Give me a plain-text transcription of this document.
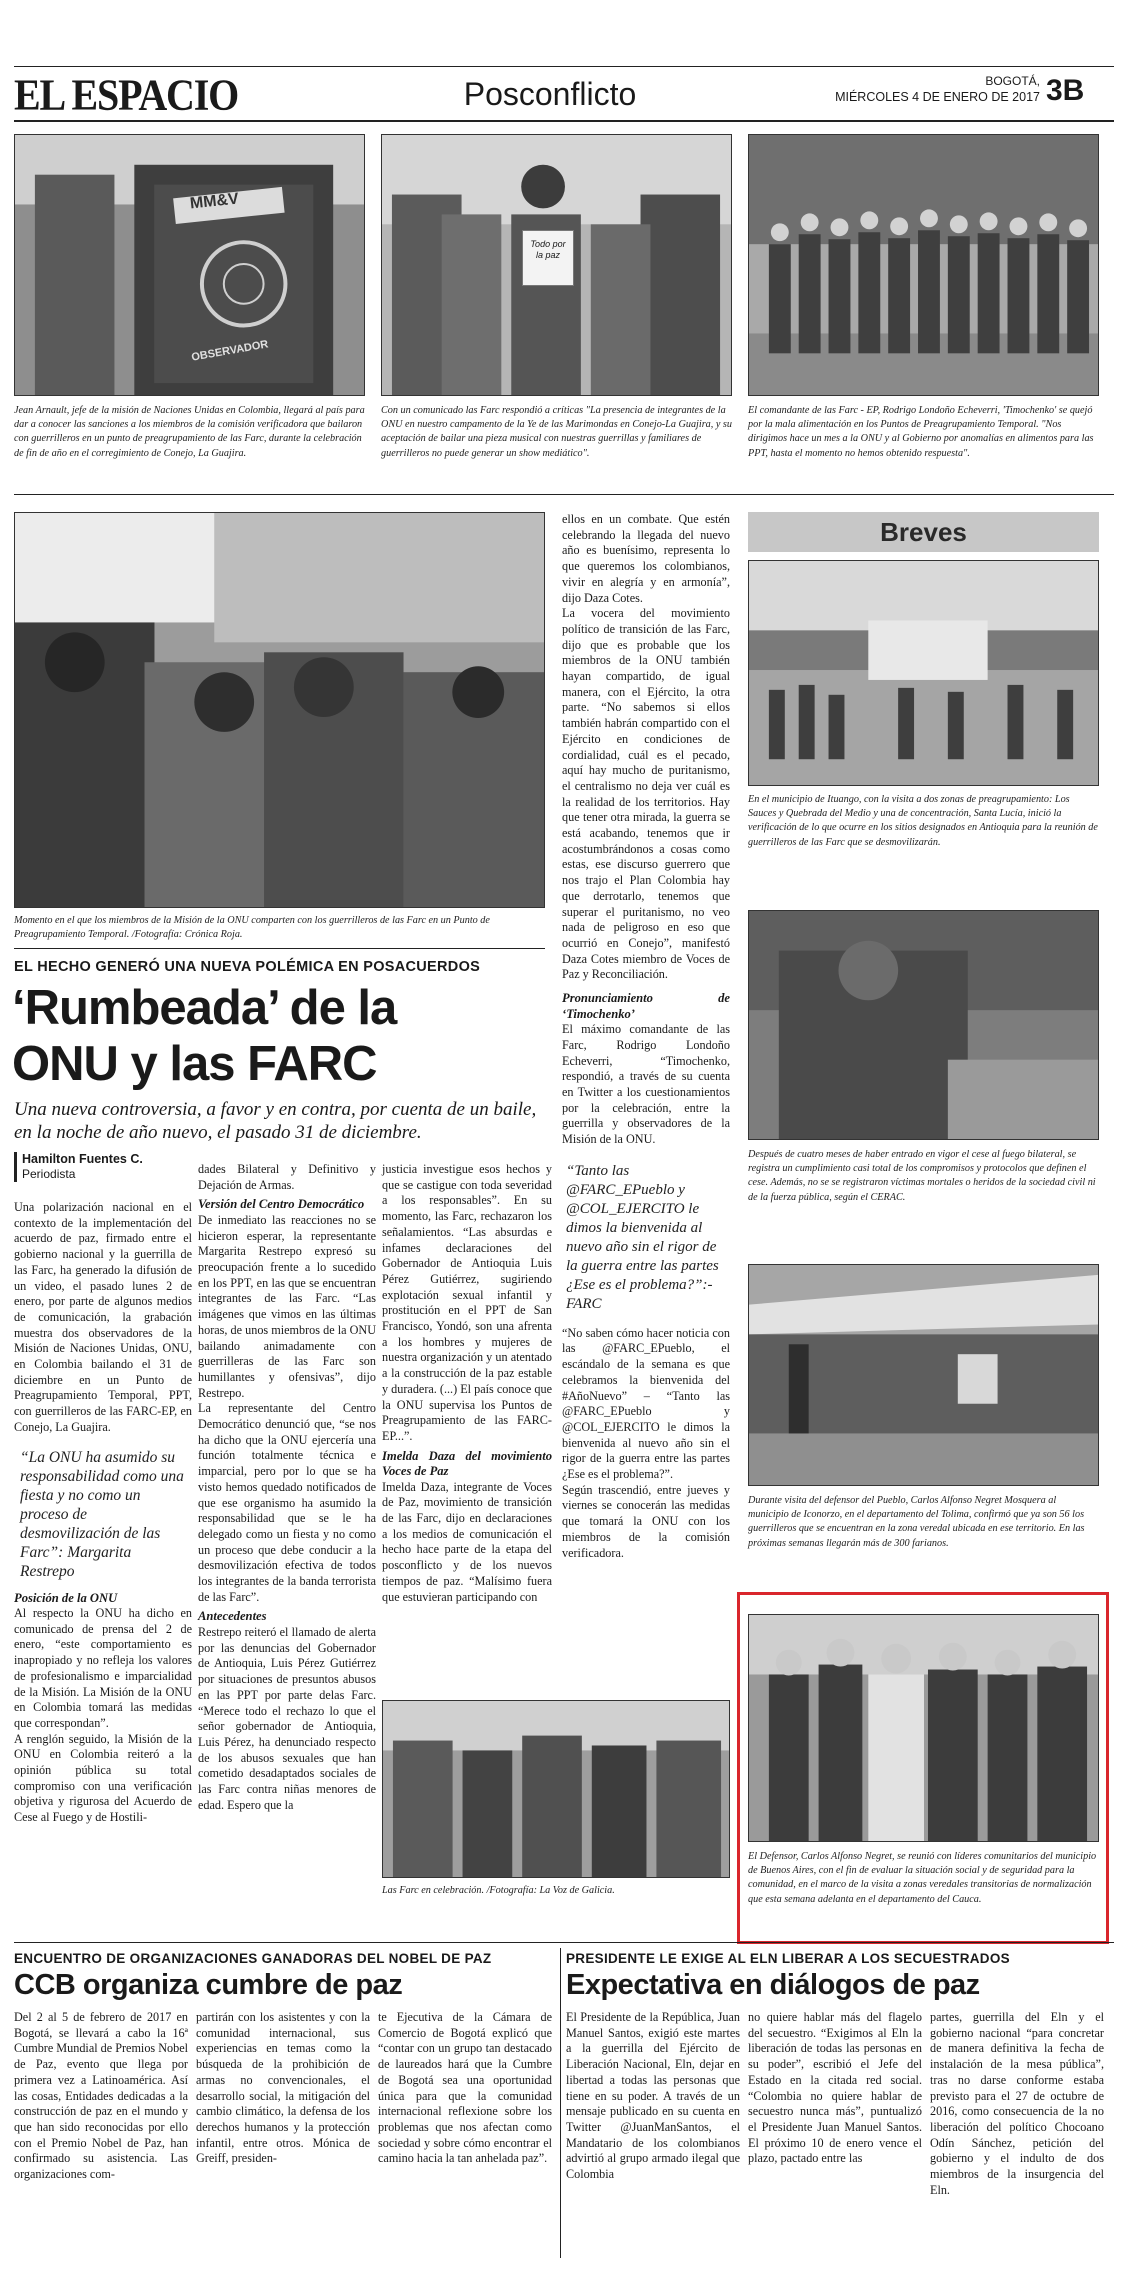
EL ESPACIO	Posconflicto	BOGOTÁ,
MIÉRCOLES 4 DE ENERO DE 2017 3B
MM&V
OBSERVADOR
Jean Arnault, jefe de la misión de Naciones Unidas en Colombia, llegará al país para dar a conocer las sanciones a los miembros de la comisión verificadora que bailaron con guerrilleros en un punto de preagrupamiento de las Farc, durante la celebración de fin de año en el corregimiento de Conejo, La Guajira.
Todo por la paz
Con un comunicado las Farc respondió a críticas "La presencia de integrantes de la ONU en nuestro campamento de la Ye de las Marimondas en Conejo-La Guajira, y su aceptación de bailar una pieza musical con nuestras guerrillas y familiares de guerrilleros no puede generar un show mediático".
El comandante de las Farc - EP, Rodrigo Londoño Echeverri, 'Timochenko' se quejó por la mala alimentación en los Puntos de Preagrupamiento Temporal. "Nos dirigimos hace un mes a la ONU y al Gobierno por anomalías en alimentos para las PPT, hasta el momento no hemos obtenido respuesta".
Momento en el que los miembros de la Misión de la ONU comparten con los guerrilleros de las Farc en un Punto de Preagrupamiento Temporal. /Fotografía: Crónica Roja.
EL HECHO GENERÓ UNA NUEVA POLÉMICA EN POSACUERDOS
‘Rumbeada’ de la
ONU y las FARC
Una nueva controversia, a favor y en contra, por cuenta de un baile, en la noche de año nuevo, el pasado 31 de diciembre.
Hamilton Fuentes C.
Periodista

Una polarización nacional en el contexto de la implementación del acuerdo de paz, firmado entre el gobierno nacional y la guerrilla de las Farc, ha generado la difusión de un video, el pasado lunes 2 de enero, por parte de algunos medios de comunicación, la grabación muestra dos observadores de la Misión de Naciones Unidas, ONU, en Colombia bailando el 31 de diciembre en un Punto de Preagrupamiento Temporal, PPT, con guerrilleros de las FARC-EP, en Conejo, La Guajira.

“La ONU ha asumido su responsabilidad como una fiesta y no como un proceso de desmovilización de las Farc”: Margarita Restrepo
Posición de la ONU

Al respecto la ONU ha dicho en comunicado de prensa del 2 de enero, “este comportamiento es inapropiado y no refleja los valores de profesionalismo e imparcialidad de la Misión. La Misión de la ONU en Colombia tomará las medidas que correspondan”.

A renglón seguido, la Misión de la ONU en Colombia reiteró a la opinión pública su total compromiso con una verificación objetiva y rigurosa del Acuerdo de Cese al Fuego y de Hostili-

dades Bilateral y Definitivo y Dejación de Armas.

Versión del Centro Democrático

De inmediato las reacciones no se hicieron esperar, la representante Margarita Restrepo expresó su preocupación frente a lo sucedido en los PPT, en las que se encuentran integrantes de las Farc. “Las imágenes que vimos en las últimas horas, de unos miembros de la ONU bailando animadamente con guerrilleras de las Farc son humillantes y ofensivas”, dijo Restrepo.

La representante del Centro Democrático denunció que, “se nos ha dicho que la ONU ejercería una función totalmente técnica e imparcial, pero por lo que se ha visto hemos quedado notificados de que ese organismo ha asumido la responsabilidad que se le ha delegado como un fiesta y no como un proceso que debe conducir a la desmovilización efectiva de todos los integrantes de la banda terrorista de las Farc”.

Antecedentes

Restrepo reiteró el llamado de alerta por las denuncias del Gobernador de Antioquia, Luis Pérez Gutiérrez por situaciones de presuntos abusos en las PPT por parte delas Farc. “Merece todo el rechazo lo que el señor gobernador de Antioquia, Luis Pérez, ha denunciado respecto de los abusos sexuales que han cometido desadaptados sociales de las Farc contra niñas menores de edad. Espero que la

justicia investigue esos hechos y que se castigue con toda severidad a los responsables”. En su momento, las Farc, rechazaron los señalamientos. “Las absurdas e infames declaraciones del Gobernador de Antioquia Luis Pérez Gutiérrez, sugiriendo explotación sexual infantil y prostitución en el PPT de San Francisco, Yondó, son una afrenta a los hombres y mujeres de nuestra organización y un atentado a la construcción de la paz estable y duradera. (...) El país conoce que la ONU supervisa los Puntos de Preagrupamiento de las FARC-EP...”.

Imelda Daza del movimiento Voces de Paz

Imelda Daza, integrante de Voces de Paz, movimiento de transición de las Farc, dijo en declaraciones a los medios de comunicación el hecho hace parte de la etapa del posconflicto y de los nuevos tiempos de paz. “Malísimo fuera que estuvieran participando con

Las Farc en celebración. /Fotografía: La Voz de Galicia.

ellos en un combate. Que estén celebrando la llegada del nuevo año es buenísimo, representa lo que queremos los colombianos, vivir en alegría y en armonía”, dijo Daza Cotes.

La vocera del movimiento político de transición de las Farc, dijo que es probable que los miembros de la ONU también hayan compartido, de igual manera, con el Ejército, la otra parte. “No sabemos si ellos también habrán compartido con el Ejército en condiciones de cordialidad, cuál es el pecado, aquí hay mucho de puritanismo, el centralismo no deja ver cuál es la realidad de los territorios. Hay que tener otra mirada, la guerra se está acabando, tenemos que ir acostumbrándonos a cosas como estas, ese discurso guerrero que nos trajo el Plan Colombia hay que derrotarlo, tenemos que superar el puritanismo, no veo nada de peligroso en eso que ocurrió en Conejo”, manifestó Daza Cotes miembro de Voces de Paz y Reconciliación.

Pronunciamiento de ‘Timochenko’

El máximo comandante de las Farc, Rodrigo Londoño Echeverri, “Timochenko, respondió, a través de su cuenta en Twitter a los cuestionamientos por la celebración, entre la guerrilla y observadores de la Misión de la ONU.

“Tanto las @FARC_EPueblo y @COL_EJERCITO le dimos la bienvenida al nuevo año sin el rigor de la guerra entre las partes ¿Ese es el problema?”:- FARC

“No saben cómo hacer noticia con las @FARC_EPueblo, el escándalo de la semana es que celebramos la bienvenida del #AñoNuevo” – “Tanto las @FARC_EPueblo y @COL_EJERCITO le dimos la bienvenida al nuevo año sin el rigor de la guerra entre las partes ¿Ese es el problema?”.

Según trascendió, entre jueves y viernes se conocerán las medidas que tomará la ONU con los miembros de la comisión verificadora.

Breves
En el municipio de Ituango, con la visita a dos zonas de preagrupamiento: Los Sauces y Quebrada del Medio y una de concentración, Santa Lucía, inició la verificación de lo que ocurre en los sitios designados en Antioquia para la reunión de guerrilleros de las Farc que se desmovilizarán.
Después de cuatro meses de haber entrado en vigor el cese al fuego bilateral, se registra un cumplimiento casi total de los compromisos y protocolos que definen el cese. Además, no se se registraron víctimas mortales o heridos de la sociedad civil ni de la fuerza pública, según el CERAC.
Durante visita del defensor del Pueblo, Carlos Alfonso Negret Mosquera al municipio de Iconorzo, en el departamento del Tolima, confirmó que ya son 56 los guerrilleros que se encuentran en la zona veredal ubicada en ese territorio. En las próximas semanas llegarán más de 300 farianos.
El Defensor, Carlos Alfonso Negret, se reunió con líderes comunitarios del municipio de Buenos Aires, con el fin de evaluar la situación social y de seguridad para la comunidad, en el marco de la visita a zonas veredales transitorias de normalización que esta semana adelanta en el departamento del Cauca.
ENCUENTRO DE ORGANIZACIONES GANADORAS DEL NOBEL DE PAZ
CCB organiza cumbre de paz
Del 2 al 5 de febrero de 2017 en Bogotá, se llevará a cabo la 16ª Cumbre Mundial de Premios Nobel de Paz, evento que llega por primera vez a Latinoamérica. Así las cosas, Entidades dedicadas a la construcción de paz en el mundo y que han sido reconocidas por ello con el Premio Nobel de Paz, han confirmado su asistencia. Las organizaciones com-
partirán con los asistentes y con la comunidad internacional, sus experiencias en temas como la búsqueda de la prohibición de armas no convencionales, el desarrollo social, la mitigación del cambio climático, la defensa de los derechos humanos y la protección infantil, entre otros. Mónica de Greiff, presiden-
te Ejecutiva de la Cámara de Comercio de Bogotá explicó que “contar con un grupo tan destacado de laureados hará que la Cumbre de Bogotá sea una oportunidad única para que la comunidad internacional reflexione sobre los problemas que nos afectan como sociedad y sobre cómo encontrar el camino hacia la tan anhelada paz”.
PRESIDENTE LE EXIGE AL ELN LIBERAR A LOS SECUESTRADOS
Expectativa en diálogos de paz
El Presidente de la República, Juan Manuel Santos, exigió este martes a la guerrilla del Ejército de Liberación Nacional, Eln, dejar en libertad a todas las personas que tiene en su poder. A través de un mensaje publicado en su cuenta en Twitter @JuanManSantos, el Mandatario de los colombianos advirtió al grupo armado ilegal que Colombia
no quiere hablar más del flagelo del secuestro. “Exigimos al Eln la liberación de todas las personas en su poder”, escribió el Jefe del Estado en la citada red social. “Colombia no quiere hablar de secuestro nunca más”, puntualizó el Presidente Juan Manuel Santos. El próximo 10 de enero vence el plazo, pactado entre las
partes, guerrilla del Eln y el gobierno nacional “para concretar de manera definitiva la fecha de instalación de la mesa pública”, tras no darse conforme estaba previsto para el 27 de octubre de 2016, como consecuencia de la no liberación del político Chocoano Odín Sánchez, petición del gobierno y el indulto de dos miembros de la insurgencia del Eln.
